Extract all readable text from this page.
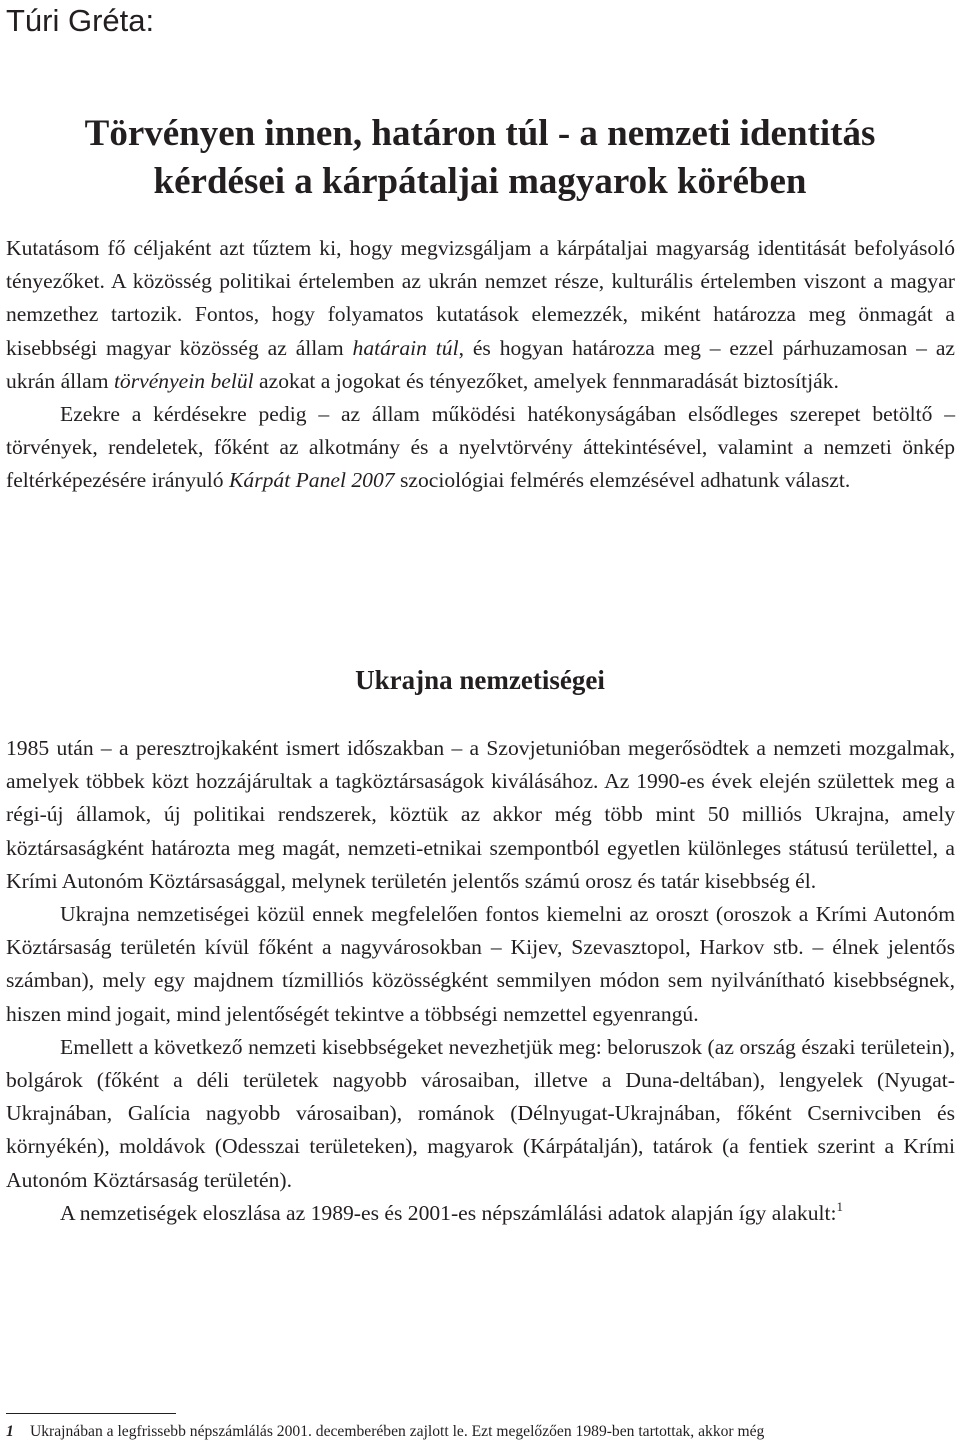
Túri Gréta:
Törvényen innen, határon túl - a nemzeti identitás
kérdései a kárpátaljai magyarok körében

Kutatásom fő céljaként azt tűztem ki, hogy megvizsgáljam a kárpátaljai magyarság identitását befolyásoló tényezőket. A közösség politikai értelemben az ukrán nemzet része, kulturális értelemben viszont a magyar nemzethez tartozik. Fontos, hogy folyamatos kutatások elemezzék, miként határozza meg önmagát a kisebbségi magyar közösség az állam határain túl, és hogyan határozza meg – ezzel párhuzamosan – az ukrán állam törvényein belül azokat a jogokat és tényezőket, amelyek fennmaradását biztosítják.

Ezekre a kérdésekre pedig – az állam működési hatékonyságában elsődleges szerepet betöltő – törvények, rendeletek, főként az alkotmány és a nyelvtörvény áttekintésével, valamint a nemzeti önkép feltérképezésére irányuló Kárpát Panel 2007 szociológiai felmérés elemzésével adhatunk választ.

Ukrajna nemzetiségei

1985 után – a peresztrojkaként ismert időszakban – a Szovjetunióban megerősödtek a nemzeti mozgalmak, amelyek többek közt hozzájárultak a tagköztársaságok kiválásához. Az 1990-es évek elején születtek meg a régi-új államok, új politikai rendszerek, köztük az akkor még több mint 50 milliós Ukrajna, amely köztársaságként határozta meg magát, nemzeti-etnikai szempontból egyetlen különleges státusú területtel, a Krími Autonóm Köztársasággal, melynek területén jelentős számú orosz és tatár kisebbség él.

Ukrajna nemzetiségei közül ennek megfelelően fontos kiemelni az oroszt (oroszok a Krími Autonóm Köztársaság területén kívül főként a nagyvárosokban – Kijev, Szevasztopol, Harkov stb. – élnek jelentős számban), mely egy majdnem tízmilliós közösségként semmilyen módon sem nyilvánítható kisebbségnek, hiszen mind jogait, mind jelentőségét tekintve a többségi nemzettel egyenrangú.

Emellett a következő nemzeti kisebbségeket nevezhetjük meg: beloruszok (az ország északi területein), bolgárok (főként a déli területek nagyobb városaiban, illetve a Duna-deltában), lengyelek (Nyugat-Ukrajnában, Galícia nagyobb városaiban), románok (Délnyugat-Ukrajnában, főként Csernivciben és környékén), moldávok (Odesszai területeken), magyarok (Kárpátalján), tatárok (a fentiek szerint a Krími Autonóm Köztársaság területén).

A nemzetiségek eloszlása az 1989-es és 2001-es népszámlálási adatok alapján így alakult:$^1$

1 Ukrajnában a legfrissebb népszámlálás 2001. decemberében zajlott le. Ezt megelőzően 1989-ben tartottak, akkor még
